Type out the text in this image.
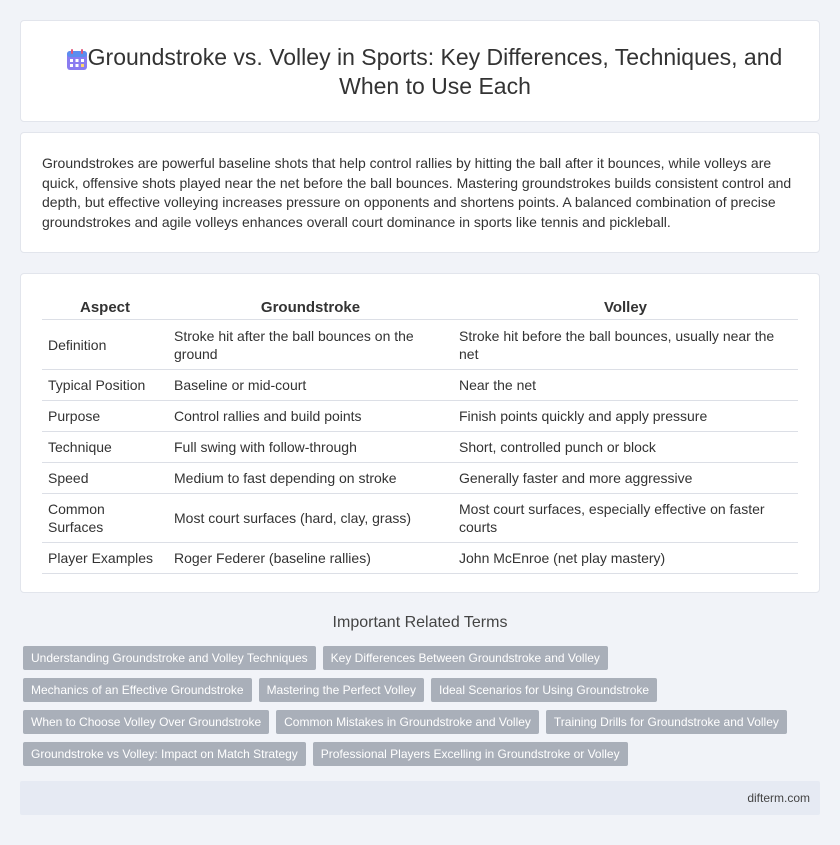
Groundstroke vs. Volley in Sports: Key Differences, Techniques, and When to Use Each

Groundstrokes are powerful baseline shots that help control rallies by hitting the ball after it bounces, while volleys are quick, offensive shots played near the net before the ball bounces. Mastering groundstrokes builds consistent control and depth, but effective volleying increases pressure on opponents and shortens points. A balanced combination of precise groundstrokes and agile volleys enhances overall court dominance in sports like tennis and pickleball.

Aspect	Groundstroke	Volley
Definition	Stroke hit after the ball bounces on the ground	Stroke hit before the ball bounces, usually near the net
Typical Position	Baseline or mid-court	Near the net
Purpose	Control rallies and build points	Finish points quickly and apply pressure
Technique	Full swing with follow-through	Short, controlled punch or block
Speed	Medium to fast depending on stroke	Generally faster and more aggressive
Common Surfaces	Most court surfaces (hard, clay, grass)	Most court surfaces, especially effective on faster courts
Player Examples	Roger Federer (baseline rallies)	John McEnroe (net play mastery)
Important Related Terms
Understanding Groundstroke and Volley Techniques	Key Differences Between Groundstroke and Volley
Mechanics of an Effective Groundstroke	Mastering the Perfect Volley	Ideal Scenarios for Using Groundstroke
When to Choose Volley Over Groundstroke	Common Mistakes in Groundstroke and Volley	Training Drills for Groundstroke and Volley
Groundstroke vs Volley: Impact on Match Strategy	Professional Players Excelling in Groundstroke or Volley
difterm.com
